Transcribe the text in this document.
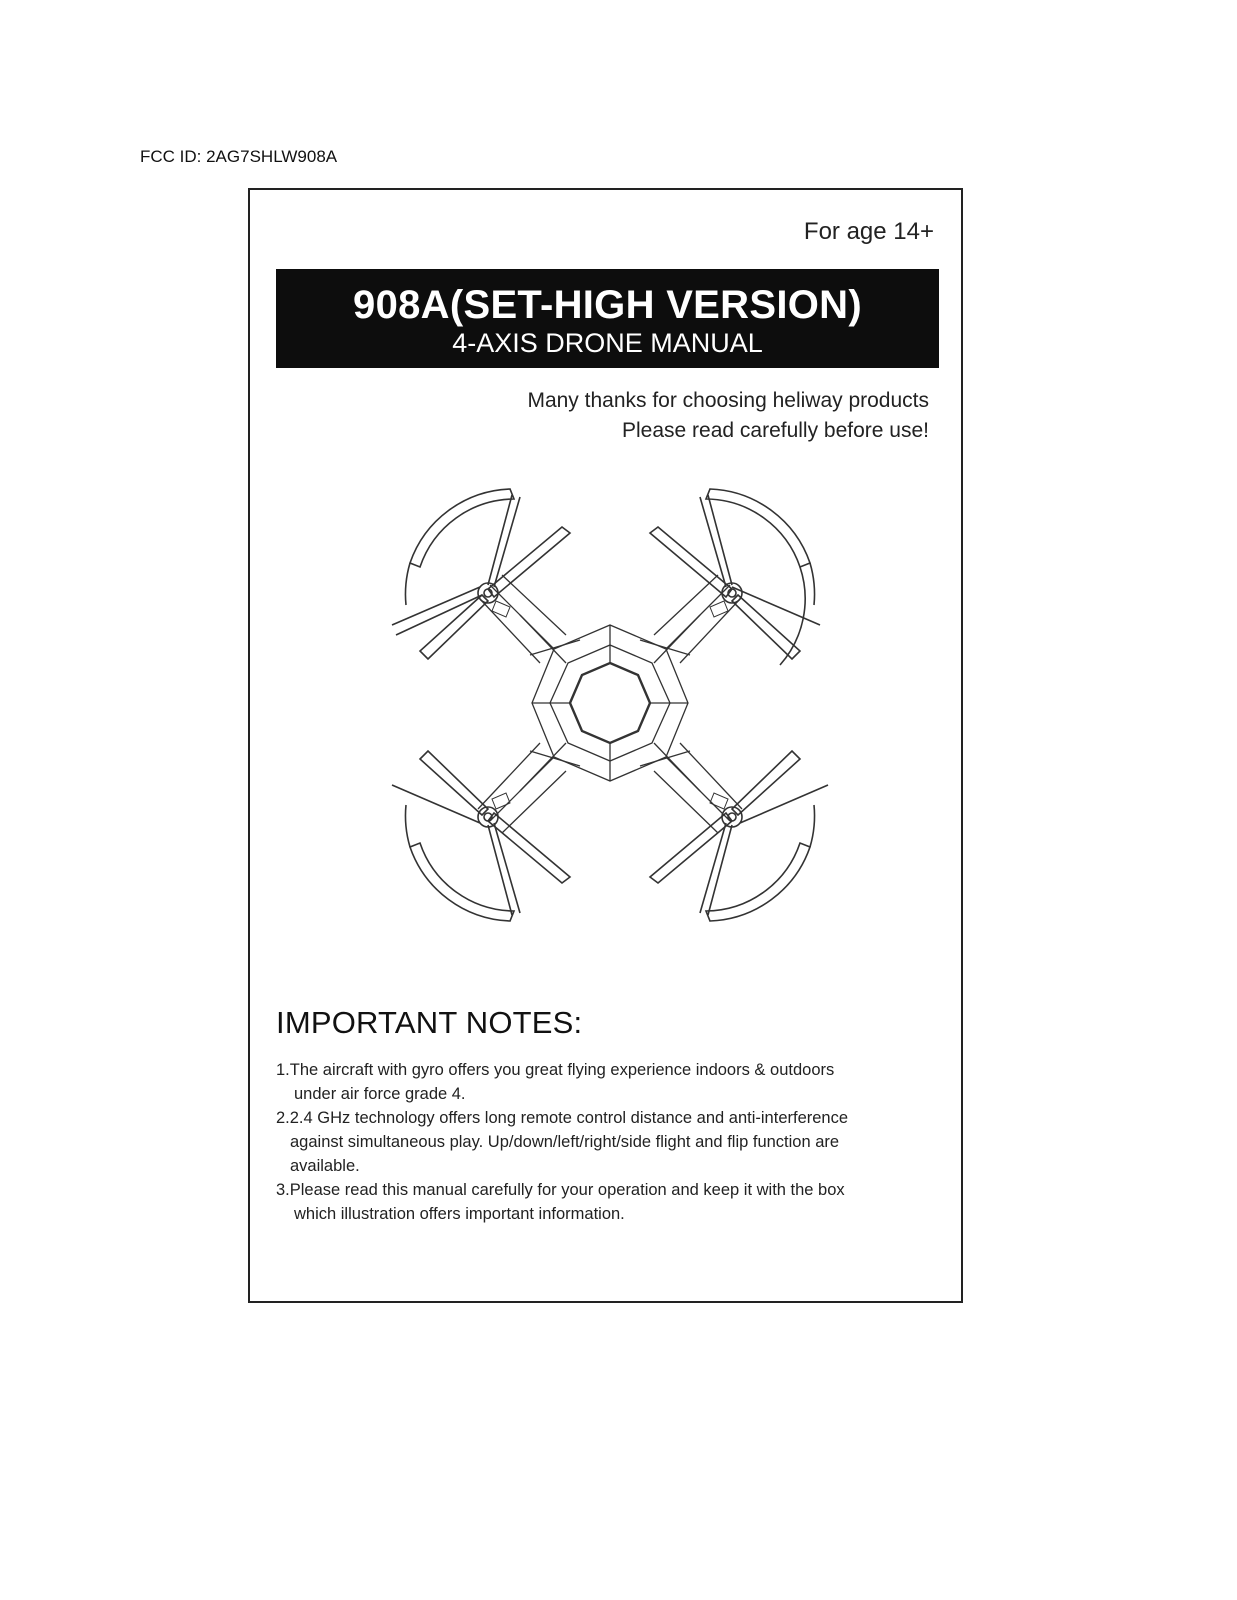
FCC ID: 2AG7SHLW908A
For age 14+
908A(SET-HIGH VERSION)
4-AXIS DRONE MANUAL
Many thanks for choosing heliway products
Please read carefully before use!
IMPORTANT NOTES:
1.The aircraft with gyro offers you great flying experience indoors & outdoors
under air force grade 4.
2.2.4 GHz technology offers long remote control distance and anti-interference
against simultaneous play. Up/down/left/right/side flight and flip function are
available.
3.Please read this manual carefully for your operation and keep it with the box
which illustration offers important information.
